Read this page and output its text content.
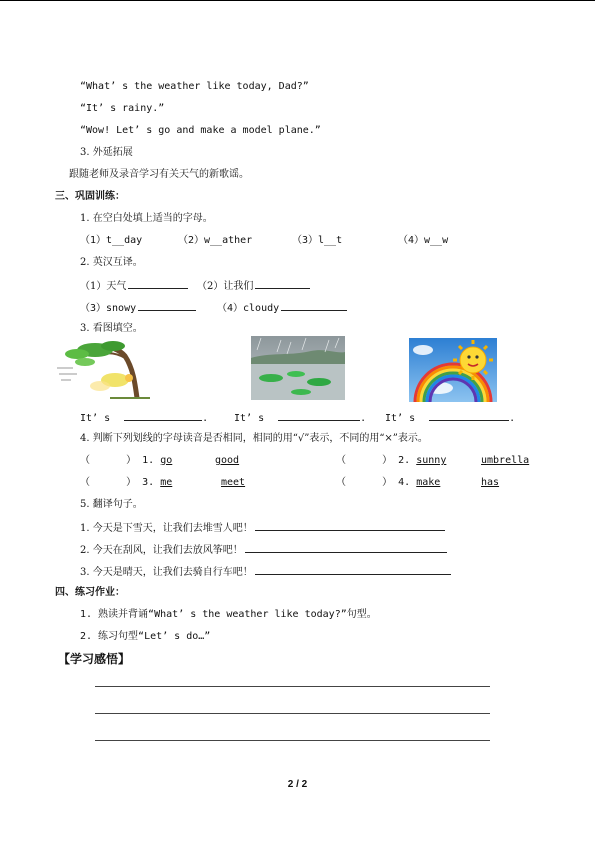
“What’ s the weather like today, Dad?”
“It’ s rainy.”
“Wow! Let’ s go and make a model plane.”
3. 外延拓展
跟随老师及录音学习有关天气的新歌谣。
三、巩固训练：
1. 在空白处填上适当的字母。
（1）t__day	（2）w__ather	（3）l__t	（4）w__w
2. 英汉互译。
（1）天气	（2）让我们
（3）snowy	（4）cloudy
3. 看图填空。
It’ s	.	It’ s	. It’ s	.
4. 判断下列划线的字母读音是否相同，相同的用“√”表示，不同的用“×”表示。
（      ） 1. go	good	（      ） 2. sunny	umbrella
（      ） 3. me	meet	（      ） 4. make	has
5. 翻译句子。
1. 今天是下雪天，让我们去堆雪人吧！
2. 今天在刮风，让我们去放风筝吧！
3. 今天是晴天，让我们去骑自行车吧！
四、练习作业：
1. 熟读并背诵“What’ s the weather like today?”句型。
2. 练习句型“Let’ s do…”
【学习感悟】
2 / 2
